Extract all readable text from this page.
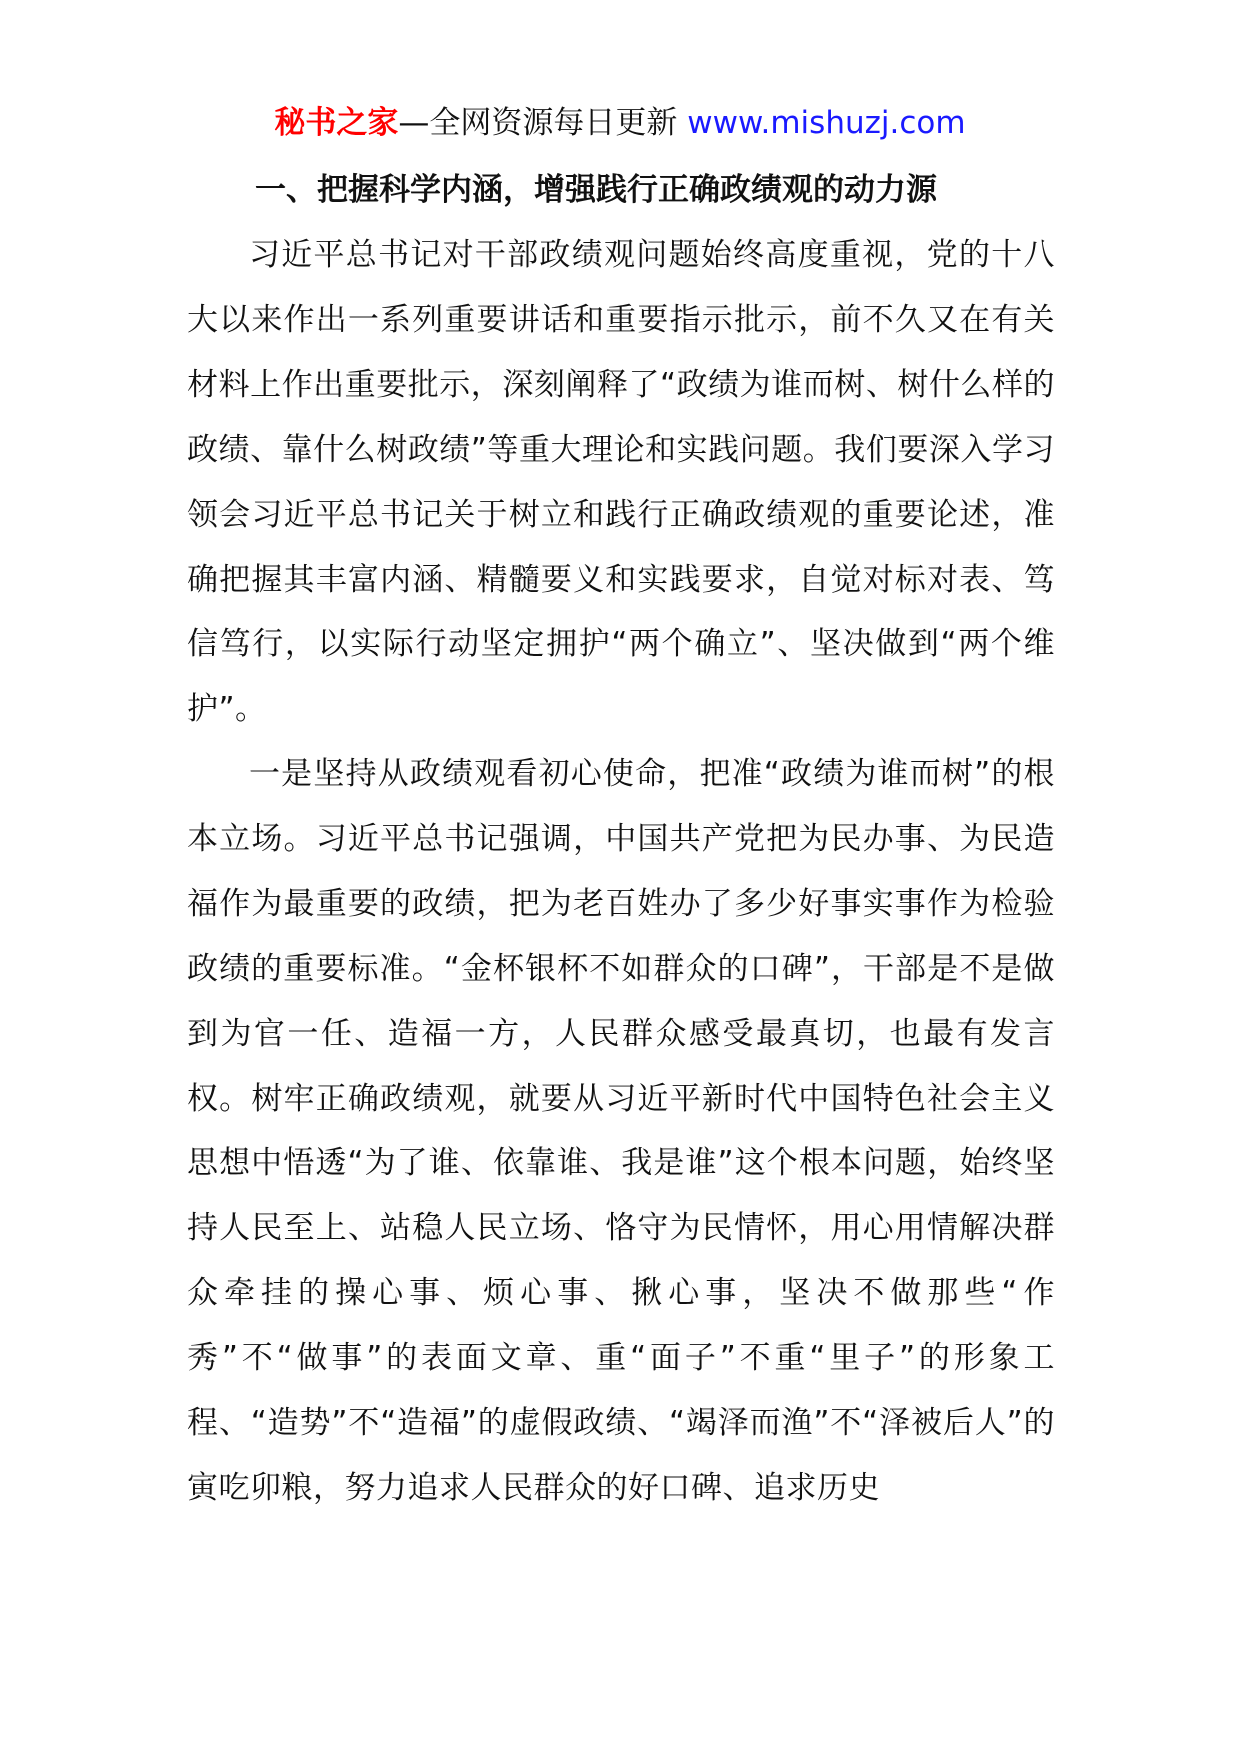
秘书之家—全网资源每日更新 www.mishuzj.com
一、把握科学内涵，增强践行正确政绩观的动力源

习近平总书记对干部政绩观问题始终高度重视，党的十八大以来作出一系列重要讲话和重要指示批示，前不久又在有关材料上作出重要批示，深刻阐释了“政绩为谁而树、树什么样的政绩、靠什么树政绩”等重大理论和实践问题。我们要深入学习领会习近平总书记关于树立和践行正确政绩观的重要论述，准确把握其丰富内涵、精髓要义和实践要求，自觉对标对表、笃信笃行，以实际行动坚定拥护“两个确立”、坚决做到“两个维护”。

一是坚持从政绩观看初心使命，把准“政绩为谁而树”的根本立场。习近平总书记强调，中国共产党把为民办事、为民造福作为最重要的政绩，把为老百姓办了多少好事实事作为检验政绩的重要标准。“金杯银杯不如群众的口碑”，干部是不是做到为官一任、造福一方，人民群众感受最真切，也最有发言权。树牢正确政绩观，就要从习近平新时代中国特色社会主义思想中悟透“为了谁、依靠谁、我是谁”这个根本问题，始终坚持人民至上、站稳人民立场、恪守为民情怀，用心用情解决群众牵挂的操心事、烦心事、揪心事，坚决不做那些“作秀”不“做事”的表面文章、重“面子”不重“里子”的形象工程、“造势”不“造福”的虚假政绩、“竭泽而渔”不“泽被后人”的寅吃卯粮，努力追求人民群众的好口碑、追求历史
